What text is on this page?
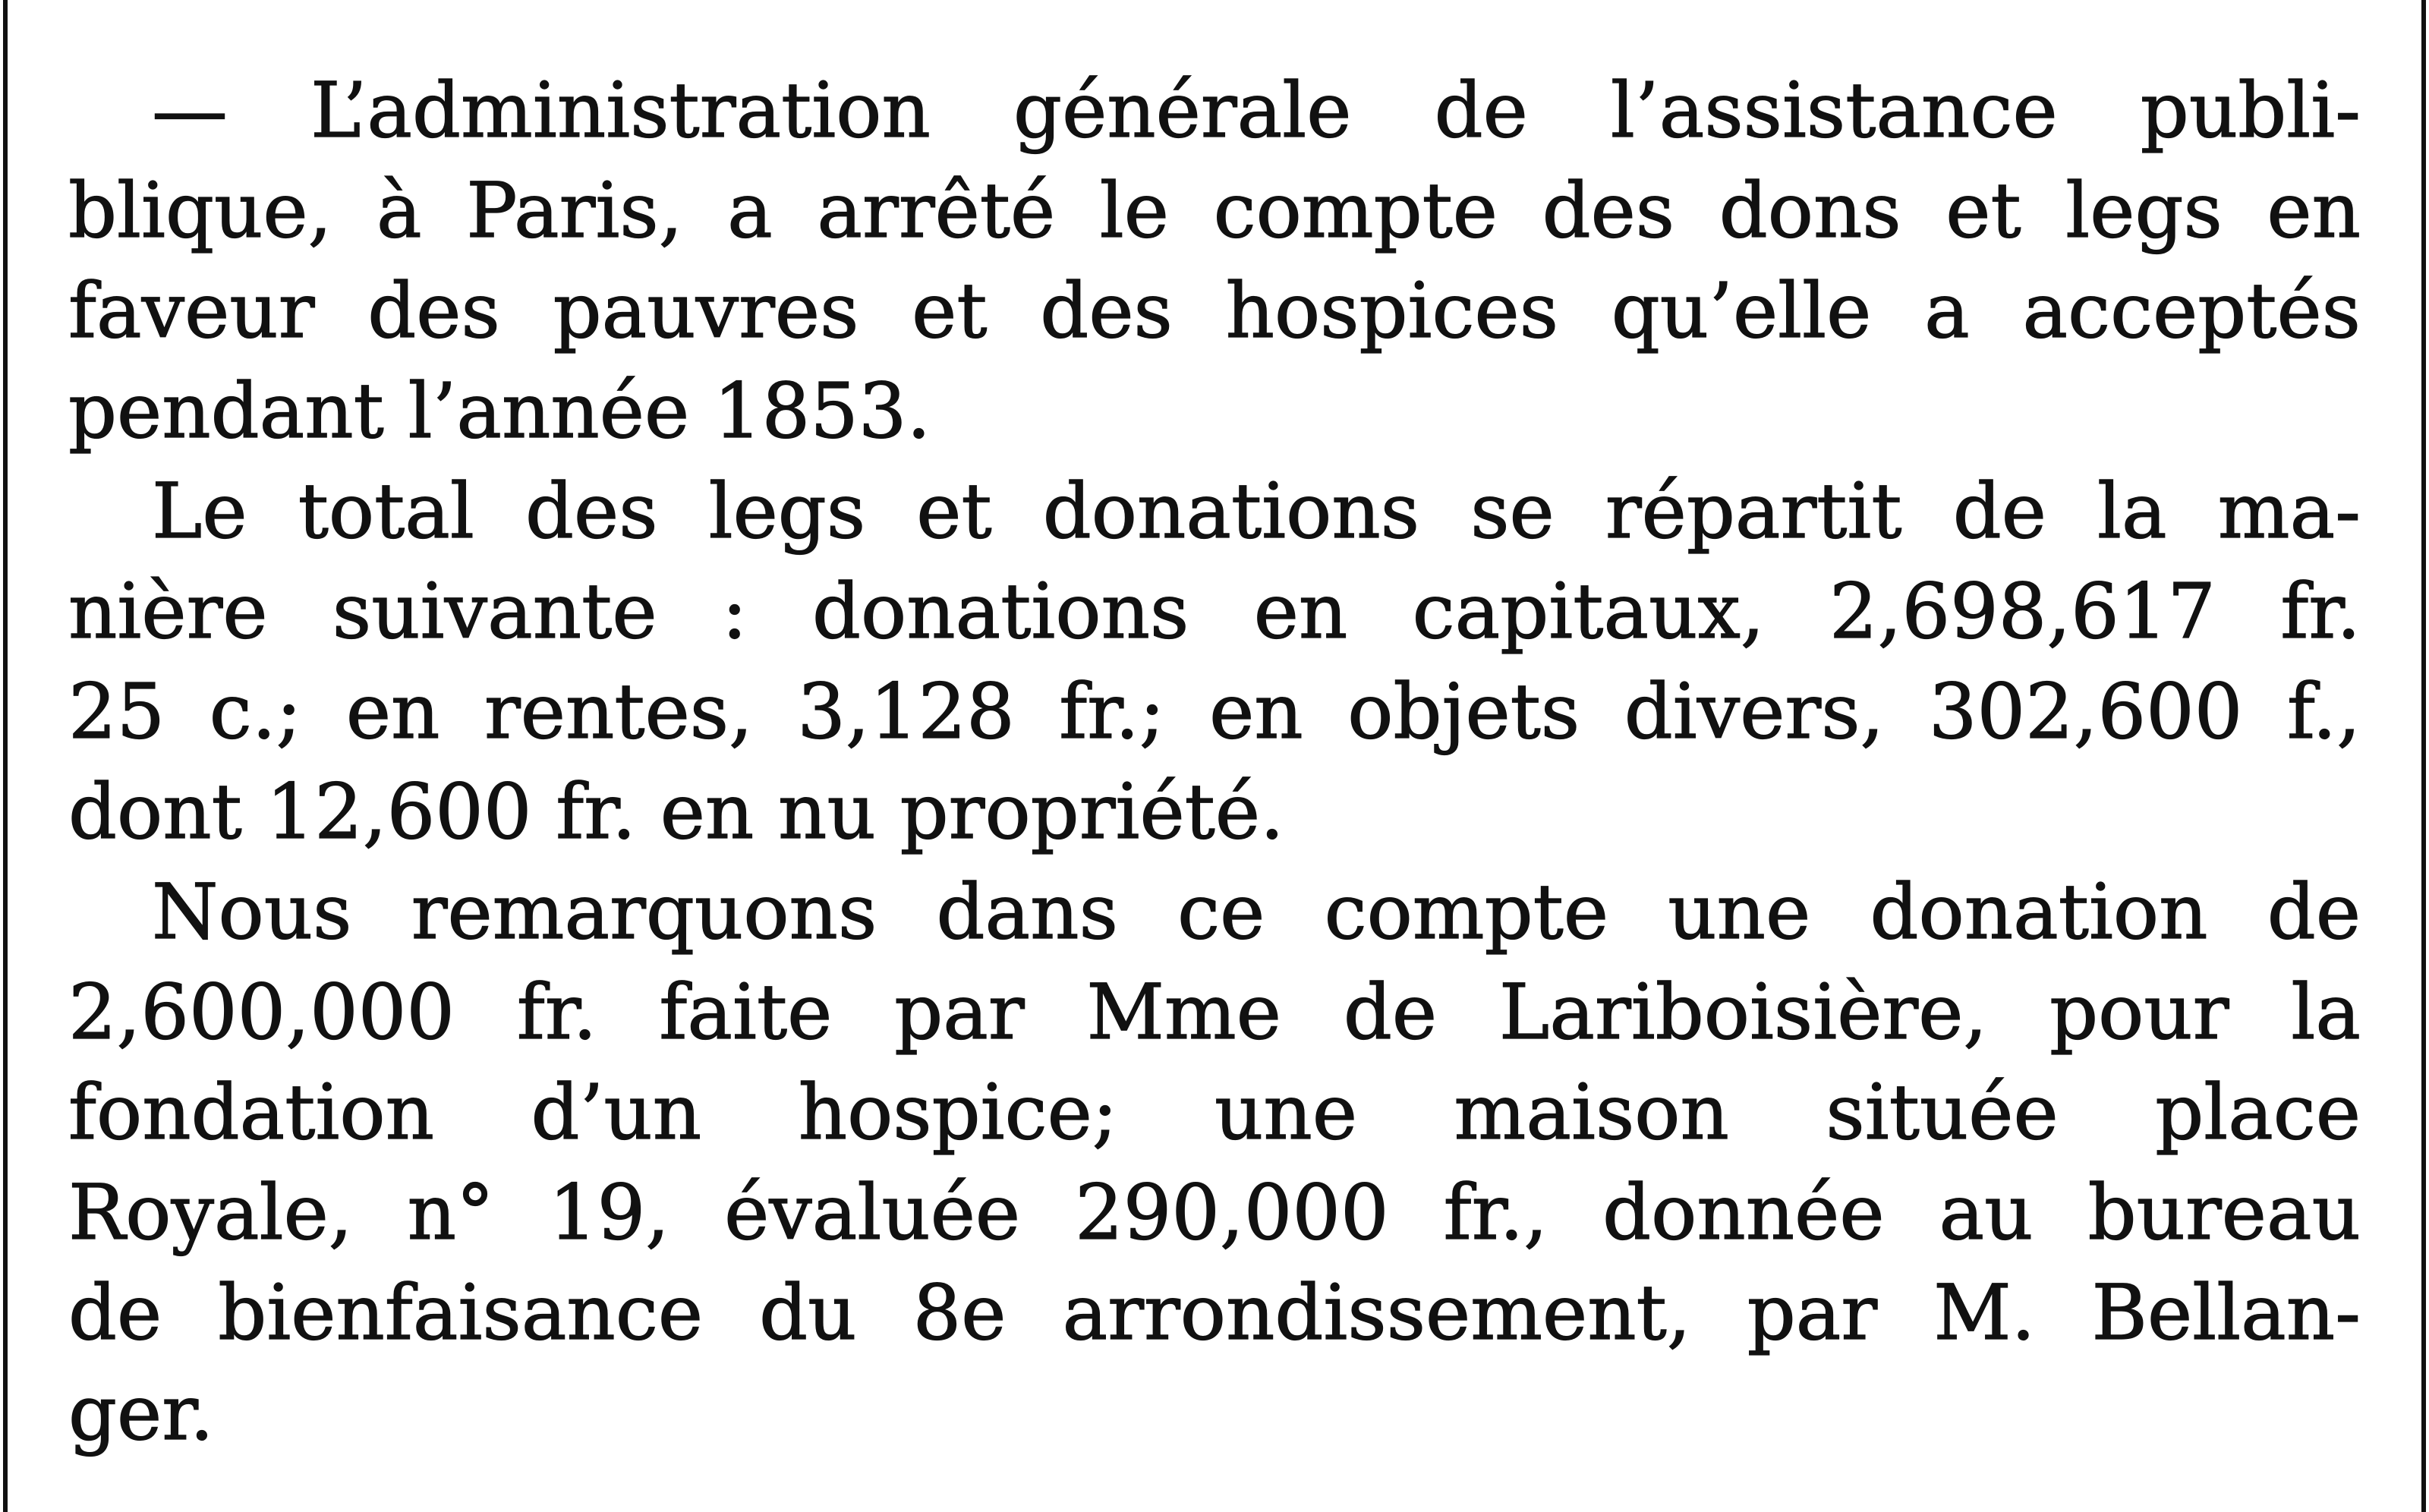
— L’administration générale de l’assistance publi-
blique, à Paris, a arrêté le compte des dons et legs en
faveur des pauvres et des hospices qu’elle a acceptés
pendant l’année 1853.
Le total des legs et donations se répartit de la ma-
nière suivante : donations en capitaux, 2,698,617 fr.
25 c.; en rentes, 3,128 fr.; en objets divers, 302,600 f.,
dont 12,600 fr. en nu propriété.
Nous remarquons dans ce compte une donation de
2,600,000 fr. faite par Mme de Lariboisière, pour la
fondation d’un hospice; une maison située place
Royale, n° 19, évaluée 290,000 fr., donnée au bureau
de bienfaisance du 8e arrondissement, par M. Bellan-
ger.
